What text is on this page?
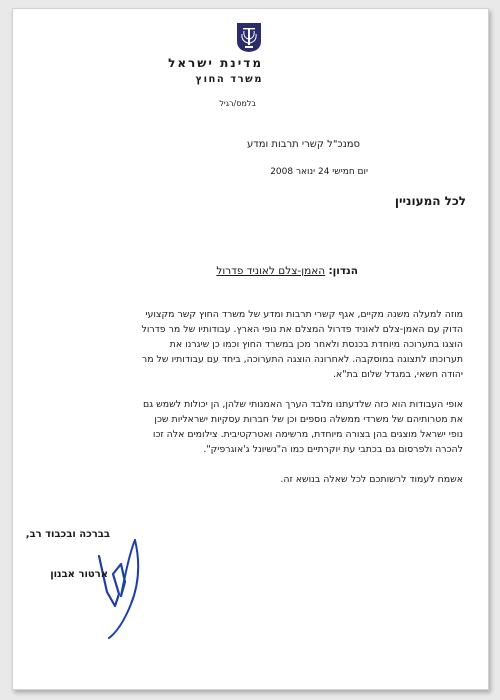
מדינת ישראל
משרד החוץ
בלמס/רגיל
סמנכ"ל קשרי תרבות ומדע
יום חמישי 24 ינואר 2008
לכל המעוניין
הנדון: האמן-צלם לאוניד פדרול
מוזה למעלה משנה מקיים, אגף קשרי תרבות ומדע של משרד החוץ קשר מקצועי
הדוק עם האמן-צלם לאוניד פדרול המצלם את נופי הארץ. עבודותיו של מר פדרול
הוצגו בתערוכה מיוחדת בכנסת ולאחר מכן במשרד החוץ וכמו כן שיגרנו את
תערוכתו לתצוגה במוסקבה. לאחרונה הוצגה התערוכה, ביחד עם עבודותיו של מר
יהודה חשאי, במגדל שלום בת"א.
אופי העבודות הוא כזה שלדעתנו מלבד הערך האמנותי שלהן, הן יכולות לשמש גם
את מטרותיהם של משרדי ממשלה נוספים וכן של חברות עסקיות ישראליות שכן
נופי ישראל מוצגים בהן בצורה מיוחדת, מרשימה ואטרקטיבית. צילומים אלה זכו
להכרה ולפרסום גם בכתבי עת יוקרתיים כמו ה"נשיונל ג'אוגרפיק".
אשמח לעמוד לרשותכם לכל שאלה בנושא זה.
בברכה ובכבוד רב,
ארטור אבנון
